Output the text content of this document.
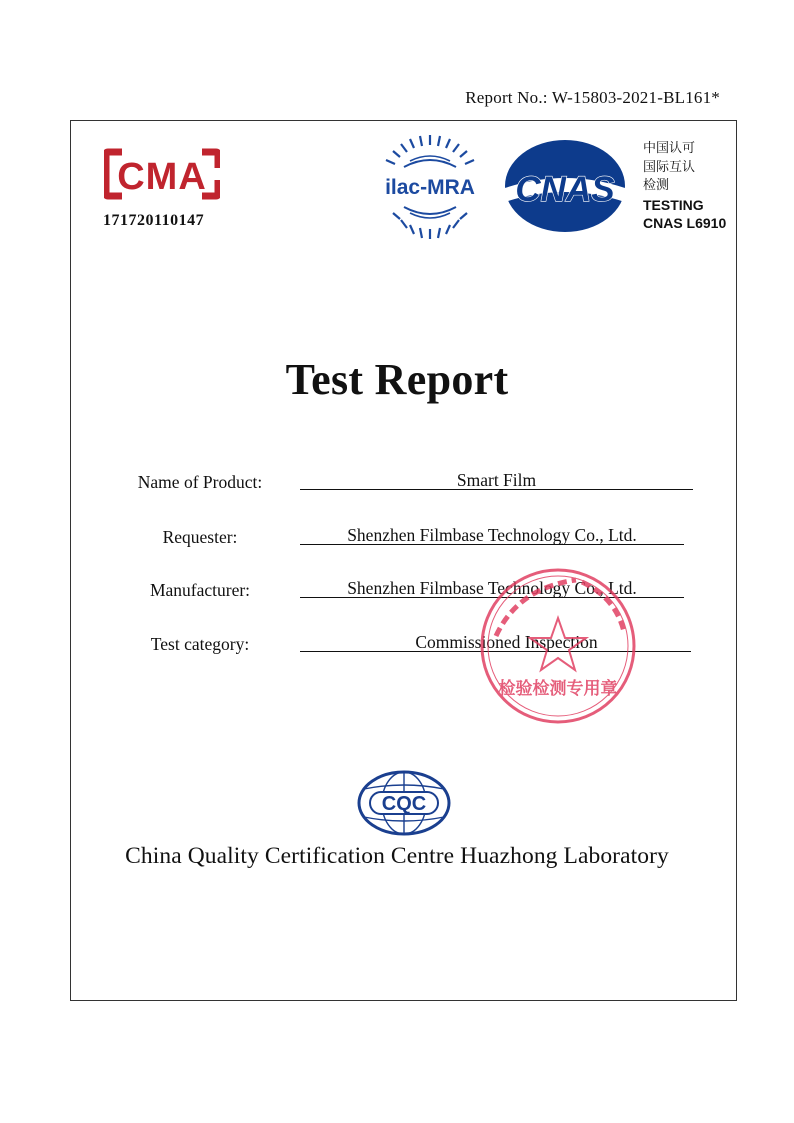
Report No.: W-15803-2021-BL161*
CMA
171720110147
ilac-MRA CNAS
中国认可
国际互认
检测
TESTING
CNAS L6910
Test Report
Name of Product:	Smart Film
Requester:	Shenzhen Filmbase Technology Co., Ltd.
Manufacturer:	Shenzhen Filmbase Technology Co., Ltd.
Test category:	Commissioned Inspection
检验检测专用章
CQC
China Quality Certification Centre Huazhong Laboratory
